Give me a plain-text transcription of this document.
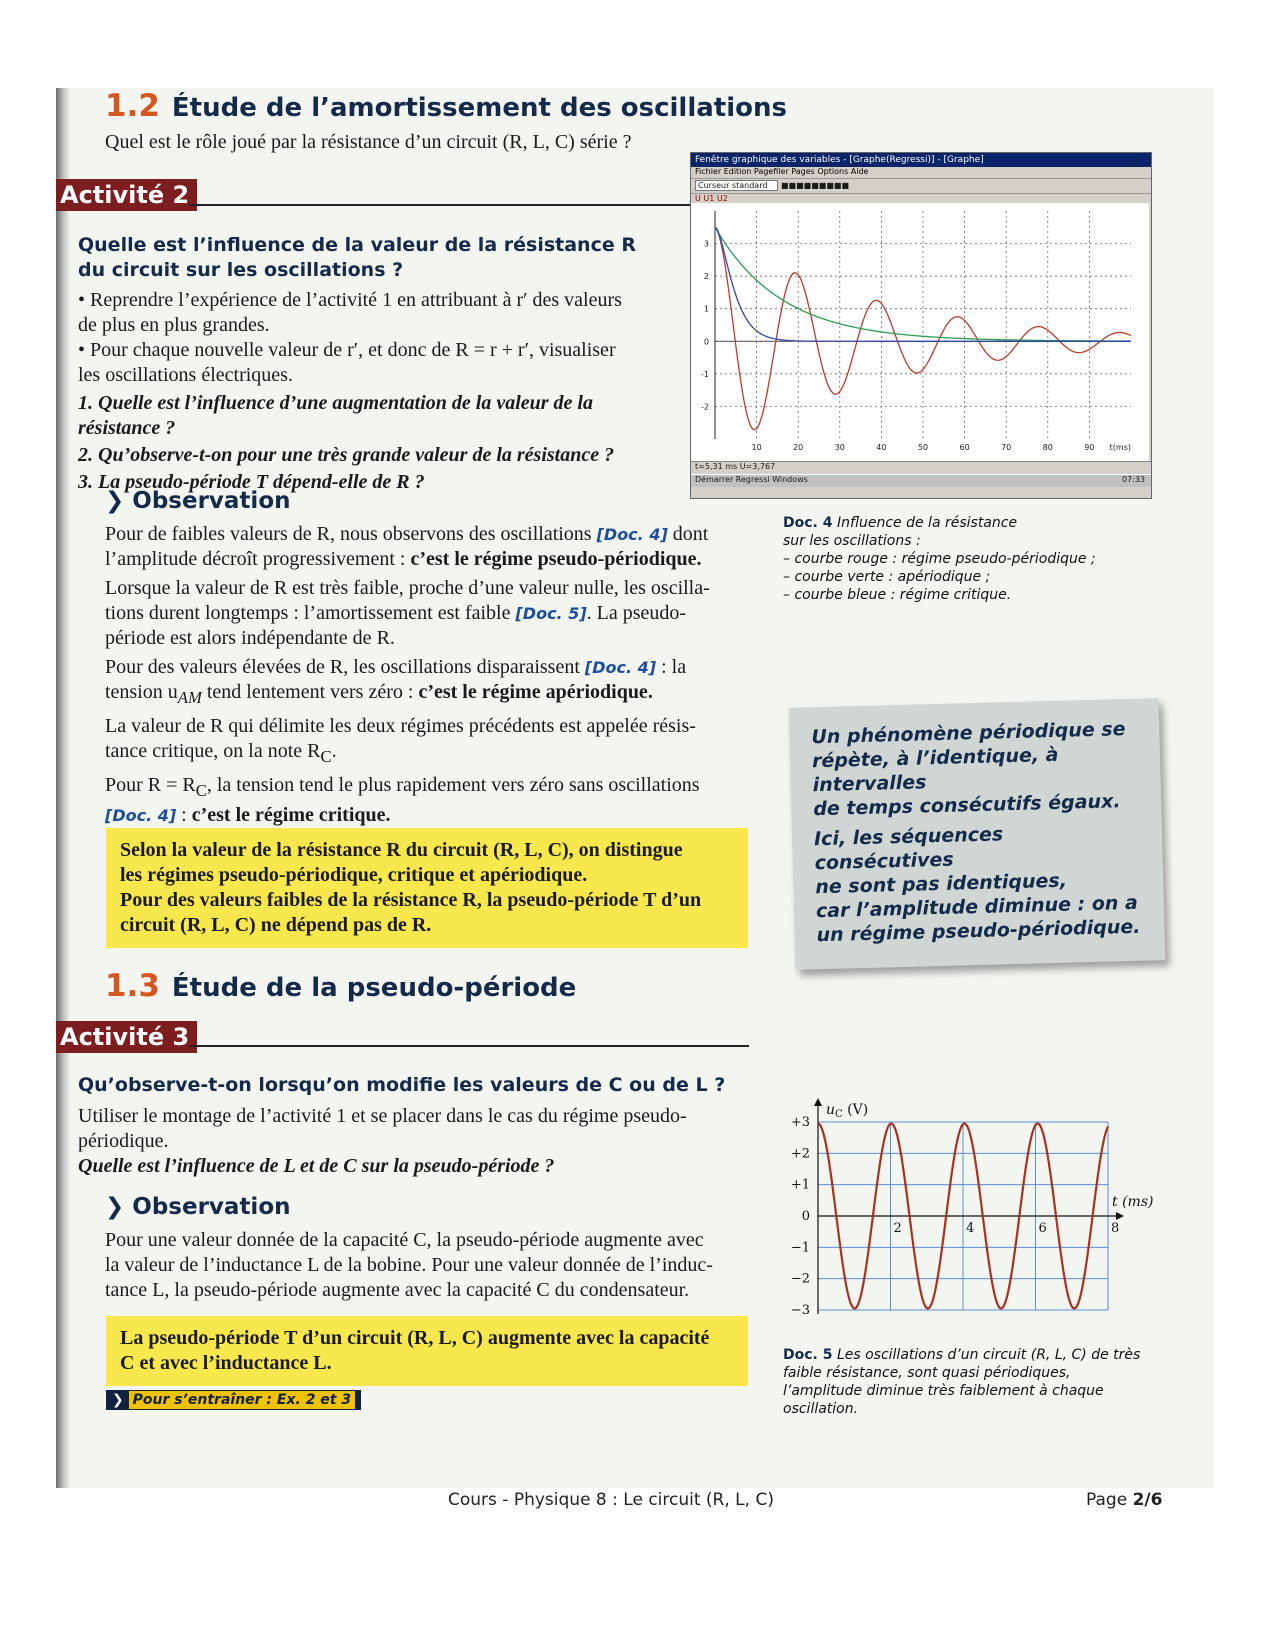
1.2 Étude de l’amortissement des oscillations
Quel est le rôle joué par la résistance d’un circuit (R, L, C) série ?
Activité 2
Quelle est l’influence de la valeur de la résistance R
du circuit sur les oscillations ?
• Reprendre l’expérience de l’activité 1 en attribuant à r′ des valeurs
de plus en plus grandes.
• Pour chaque nouvelle valeur de r′, et donc de R = r + r′, visualiser
les oscillations électriques.
1. Quelle est l’influence d’une augmentation de la valeur de la résistance ?
2. Qu’observe-t-on pour une très grande valeur de la résistance ?
3. La pseudo-période T dépend-elle de R ?
❯ Observation
Pour de faibles valeurs de R, nous observons des oscillations [Doc. 4] dont
l’amplitude décroît progressivement : c’est le régime pseudo-périodique.
Lorsque la valeur de R est très faible, proche d’une valeur nulle, les oscilla-
tions durent longtemps : l’amortissement est faible [Doc. 5]. La pseudo-
période est alors indépendante de R.
Pour des valeurs élevées de R, les oscillations disparaissent [Doc. 4] : la
tension $u_{AM}$ tend lentement vers zéro : c’est le régime apériodique.
La valeur de R qui délimite les deux régimes précédents est appelée résis-
tance critique, on la note $R_C$.
Pour $R = R_C$, la tension tend le plus rapidement vers zéro sans oscillations
[Doc. 4] : c’est le régime critique.
Selon la valeur de la résistance R du circuit (R, L, C), on distingue
les régimes pseudo-périodique, critique et apériodique.
Pour des valeurs faibles de la résistance R, la pseudo-période T d’un
circuit (R, L, C) ne dépend pas de R.
1.3 Étude de la pseudo-période
Activité 3
Qu’observe-t-on lorsqu’on modifie les valeurs de C ou de L ?
Utiliser le montage de l’activité 1 et se placer dans le cas du régime pseudo-
périodique.
Quelle est l’influence de L et de C sur la pseudo-période ?
❯ Observation
Pour une valeur donnée de la capacité C, la pseudo-période augmente avec
la valeur de l’inductance L de la bobine. Pour une valeur donnée de l’induc-
tance L, la pseudo-période augmente avec la capacité C du condensateur.
La pseudo-période T d’un circuit (R, L, C) augmente avec la capacité
C et avec l’inductance L.
❯ Pour s’entraîner : Ex. 2 et 3
Fenêtre graphique des variables - [Graphe(Regressi)] - [Graphe]
Fichier Edition Pagefiler Pages Options Aide
Curseur standard ■■■■■■■■■
U U1 U2
10	20	30	40	50	60	70	80	90
3
2
1
0
-1
-2
t(ms)
t=5,31 ms U=3,767
Démarrer Regressi Windows	07:33
Doc. 4 Influence de la résistance
sur les oscillations :
– courbe rouge : régime pseudo-périodique ;
– courbe verte : apériodique ;
– courbe bleue : régime critique.
Un phénomène périodique se
répète, à l’identique, à intervalles
de temps consécutifs égaux.
Ici, les séquences consécutives
ne sont pas identiques,
car l’amplitude diminue : on a
un régime pseudo-périodique.
2	4	6	8
+3
+2
+1
0
−1
−2
−3
t (ms)
$u_C$ (V)
Doc. 5 Les oscillations d’un circuit (R, L, C) de très
faible résistance, sont quasi périodiques,
l’amplitude diminue très faiblement à chaque
oscillation.
Cours - Physique 8 : Le circuit (R, L, C)	Page 2/6
